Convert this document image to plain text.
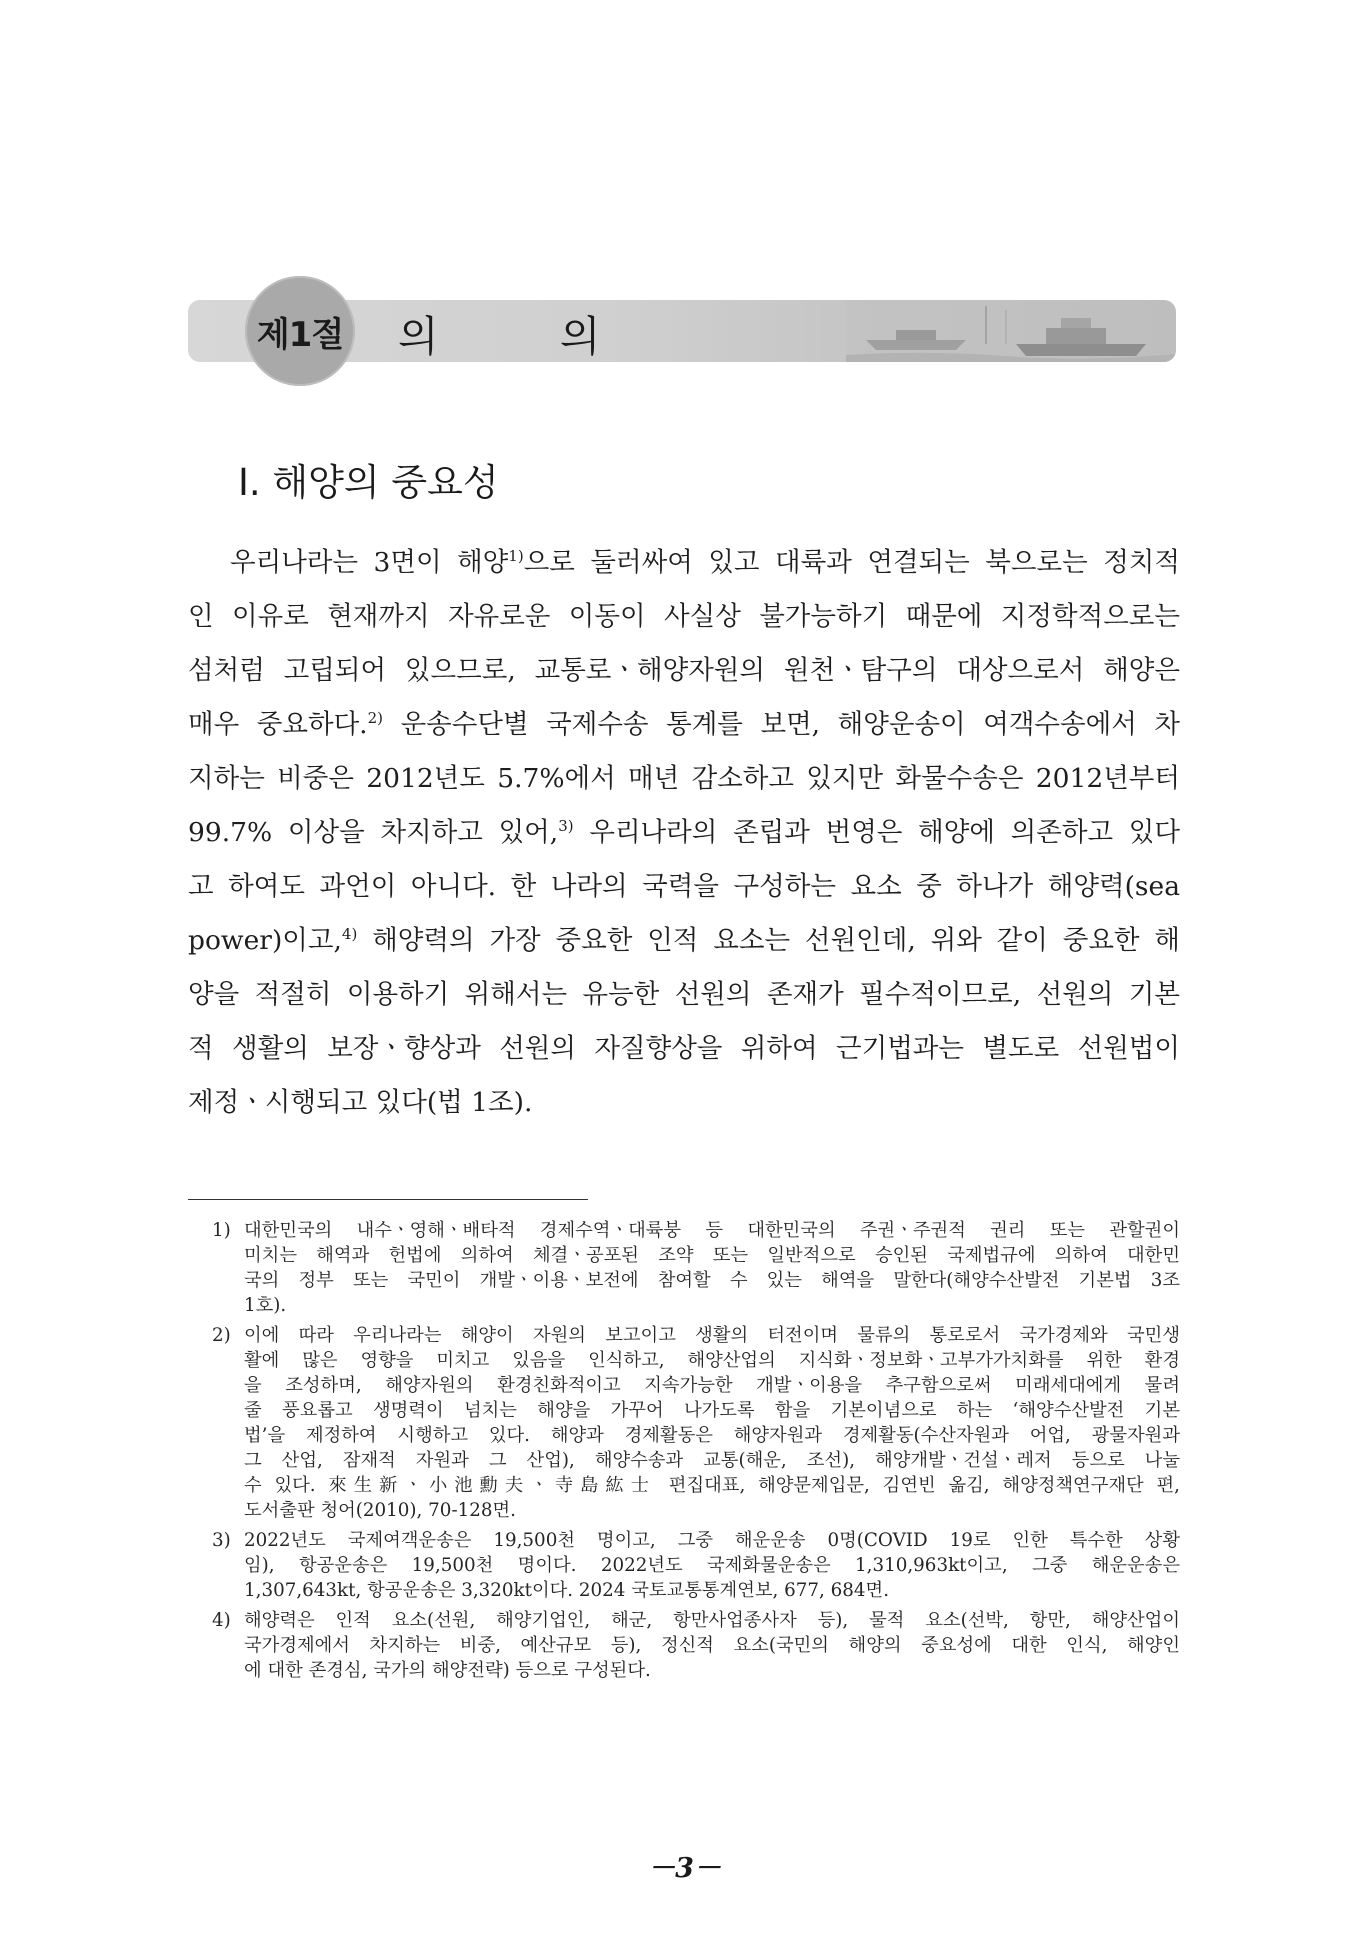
제1절 의 의
Ⅰ. 해양의 중요성
우리나라는 3면이 해양$^{1)}$으로 둘러싸여 있고 대륙과 연결되는 북으로는 정치적
인 이유로 현재까지 자유로운 이동이 사실상 불가능하기 때문에 지정학적으로는
섬처럼 고립되어 있으므로, 교통로ㆍ해양자원의 원천ㆍ탐구의 대상으로서 해양은
매우 중요하다.$^{2)}$ 운송수단별 국제수송 통계를 보면, 해양운송이 여객수송에서 차
지하는 비중은 2012년도 5.7%에서 매년 감소하고 있지만 화물수송은 2012년부터
99.7% 이상을 차지하고 있어,$^{3)}$ 우리나라의 존립과 번영은 해양에 의존하고 있다
고 하여도 과언이 아니다. 한 나라의 국력을 구성하는 요소 중 하나가 해양력(sea
power)이고,$^{4)}$ 해양력의 가장 중요한 인적 요소는 선원인데, 위와 같이 중요한 해
양을 적절히 이용하기 위해서는 유능한 선원의 존재가 필수적이므로, 선원의 기본
적 생활의 보장ㆍ향상과 선원의 자질향상을 위하여 근기법과는 별도로 선원법이
제정ㆍ시행되고 있다(법 1조).
1) 대한민국의 내수ㆍ영해ㆍ배타적 경제수역ㆍ대륙붕 등 대한민국의 주권ㆍ주권적 권리 또는 관할권이
미치는 해역과 헌법에 의하여 체결ㆍ공포된 조약 또는 일반적으로 승인된 국제법규에 의하여 대한민
국의 정부 또는 국민이 개발ㆍ이용ㆍ보전에 참여할 수 있는 해역을 말한다(해양수산발전 기본법 3조
1호).
2) 이에 따라 우리나라는 해양이 자원의 보고이고 생활의 터전이며 물류의 통로로서 국가경제와 국민생
활에 많은 영향을 미치고 있음을 인식하고, 해양산업의 지식화ㆍ정보화ㆍ고부가가치화를 위한 환경
을 조성하며, 해양자원의 환경친화적이고 지속가능한 개발ㆍ이용을 추구함으로써 미래세대에게 물려
줄 풍요롭고 생명력이 넘치는 해양을 가꾸어 나가도록 함을 기본이념으로 하는 ‘해양수산발전 기본
법’을 제정하여 시행하고 있다. 해양과 경제활동은 해양자원과 경제활동(수산자원과 어업, 광물자원과
그 산업, 잠재적 자원과 그 산업), 해양수송과 교통(해운, 조선), 해양개발ㆍ건설ㆍ레저 등으로 나눌
수 있다. 來生新ㆍ小池勳夫ㆍ寺島紘士 편집대표, 해양문제입문, 김연빈 옮김, 해양정책연구재단 편,
도서출판 청어(2010), 70-128면.
3) 2022년도 국제여객운송은 19,500천 명이고, 그중 해운운송 0명(COVID 19로 인한 특수한 상황
임), 항공운송은 19,500천 명이다. 2022년도 국제화물운송은 1,310,963kt이고, 그중 해운운송은
1,307,643kt, 항공운송은 3,320kt이다. 2024 국토교통통계연보, 677, 684면.
4) 해양력은 인적 요소(선원, 해양기업인, 해군, 항만사업종사자 등), 물적 요소(선박, 항만, 해양산업이
국가경제에서 차지하는 비중, 예산규모 등), 정신적 요소(국민의 해양의 중요성에 대한 인식, 해양인
에 대한 존경심, 국가의 해양전략) 등으로 구성된다.
－3－
